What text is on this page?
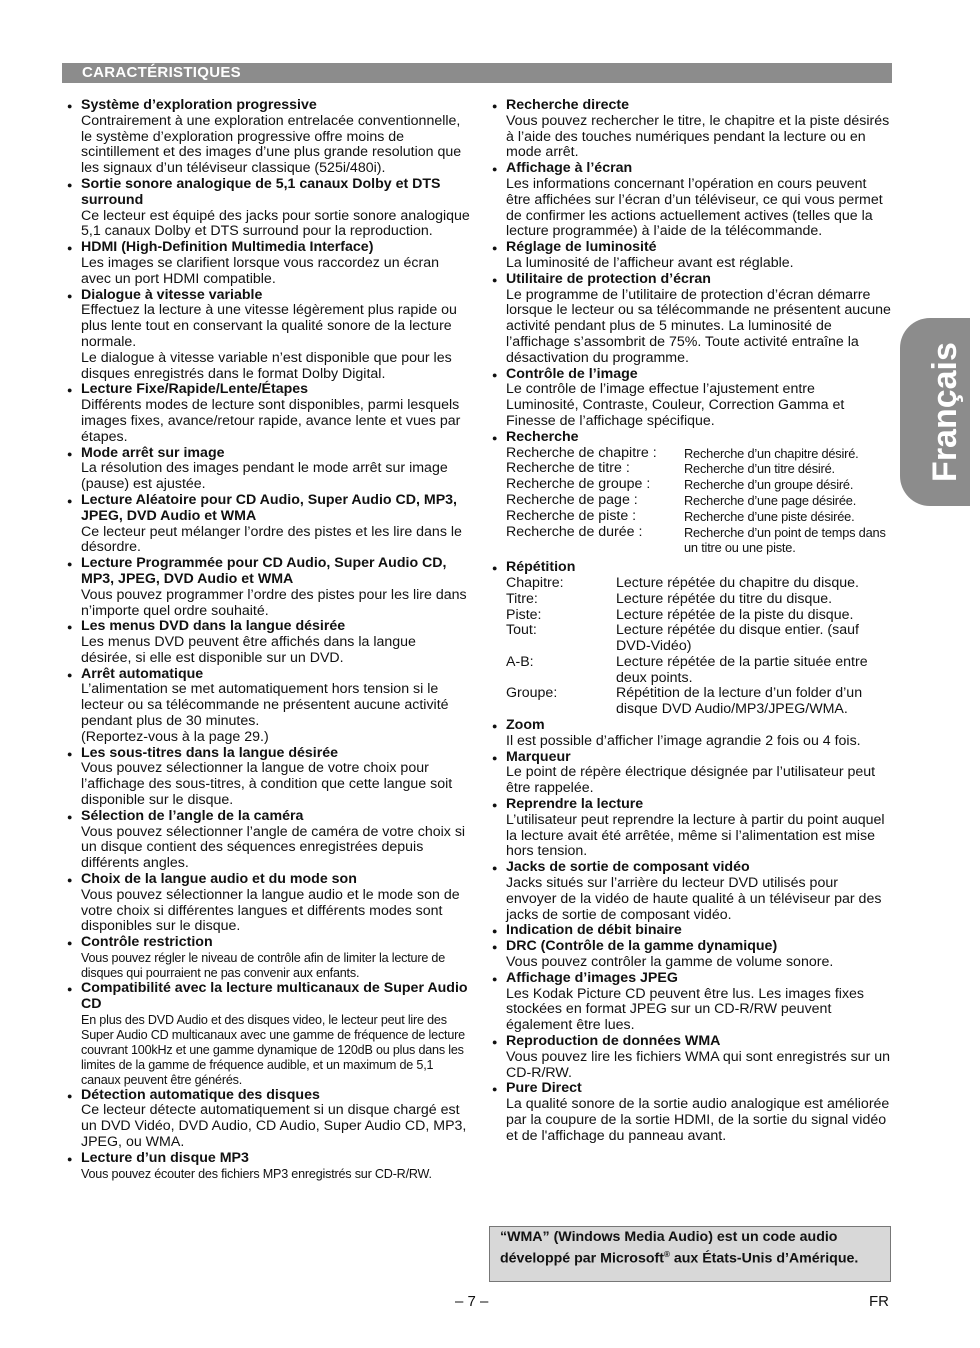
CARACTÉRISTIQUES
● Système d’exploration progressive
Contrairement à une exploration entrelacée conventionnelle, le système d’exploration progressive offre moins de scintillement et des images d’une plus grande resolution que les signaux d’un téléviseur classique (525i/480i).
● Sortie sonore analogique de 5,1 canaux Dolby et DTS surround
Ce lecteur est équipé des jacks pour sortie sonore analogique 5,1 canaux Dolby et DTS surround pour la reproduction.
● HDMI (High-Definition Multimedia Interface)
Les images se clarifient lorsque vous raccordez un écran avec un port HDMI compatible.
● Dialogue à vitesse variable
Effectuez la lecture à une vitesse légèrement plus rapide ou plus lente tout en conservant la qualité sonore de la lecture normale.
Le dialogue à vitesse variable n’est disponible que pour les disques enregistrés dans le format Dolby Digital.
● Lecture Fixe/Rapide/Lente/Étapes
Différents modes de lecture sont disponibles, parmi lesquels images fixes, avance/retour rapide, avance lente et vues par étapes.
● Mode arrêt sur image
La résolution des images pendant le mode arrêt sur image (pause) est ajustée.
● Lecture Aléatoire pour CD Audio, Super Audio CD, MP3, JPEG, DVD Audio et WMA
Ce lecteur peut mélanger l’ordre des pistes et les lire dans le désordre.
● Lecture Programmée pour CD Audio, Super Audio CD, MP3, JPEG, DVD Audio et WMA
Vous pouvez programmer l’ordre des pistes pour les lire dans n’importe quel ordre souhaité.
● Les menus DVD dans la langue désirée
Les menus DVD peuvent être affichés dans la langue désirée, si elle est disponible sur un DVD.
● Arrêt automatique
L’alimentation se met automatiquement hors tension si le lecteur ou sa télécommande ne présentent aucune activité pendant plus de 30 minutes.
(Reportez-vous à la page 29.)
● Les sous-titres dans la langue désirée
Vous pouvez sélectionner la langue de votre choix pour l’affichage des sous-titres, à condition que cette langue soit disponible sur le disque.
● Sélection de l’angle de la caméra
Vous pouvez sélectionner l’angle de caméra de votre choix si un disque contient des séquences enregistrées depuis différents angles.
● Choix de la langue audio et du mode son
Vous pouvez sélectionner la langue audio et le mode son de votre choix si différentes langues et différents modes sont disponibles sur le disque.
● Contrôle restriction
Vous pouvez régler le niveau de contrôle afin de limiter la lecture de disques qui pourraient ne pas convenir aux enfants.
● Compatibilité avec la lecture multicanaux de Super Audio CD
En plus des DVD Audio et des disques video, le lecteur peut lire des Super Audio CD multicanaux avec une gamme de fréquence de lecture couvrant 100kHz et une gamme dynamique de 120dB ou plus dans les limites de la gamme de fréquence audible, et un maximum de 5,1 canaux peuvent être générés.
● Détection automatique des disques
Ce lecteur détecte automatiquement si un disque chargé est un DVD Vidéo, DVD Audio, CD Audio, Super Audio CD, MP3, JPEG, ou WMA.
● Lecture d’un disque MP3
Vous pouvez écouter des fichiers MP3 enregistrés sur CD-R/RW.
● Recherche directe
Vous pouvez rechercher le titre, le chapitre et la piste désirés à l’aide des touches numériques pendant la lecture ou en mode arrêt.
● Affichage à l’écran
Les informations concernant l’opération en cours peuvent être affichées sur l’écran d’un téléviseur, ce qui vous permet de confirmer les actions actuellement actives (telles que la lecture programmée) à l’aide de la télécommande.
● Réglage de luminosité
La luminosité de l’afficheur avant est réglable.
● Utilitaire de protection d’écran
Le programme de l’utilitaire de protection d’écran démarre lorsque le lecteur ou sa télécommande ne présentent aucune activité pendant plus de 5 minutes. La luminosité de l’affichage s’assombrit de 75%. Toute activité entraîne la désactivation du programme.
● Contrôle de l’image
Le contrôle de l’image effectue l’ajustement entre Luminosité, Contraste, Couleur, Correction Gamma et Finesse de l’affichage spécifique.
● Recherche
Recherche de chapitre :	Recherche d’un chapitre désiré.
Recherche de titre :	Recherche d’un titre désiré.
Recherche de groupe :	Recherche d’un groupe désiré.
Recherche de page :	Recherche d’une page désirée.
Recherche de piste :	Recherche d’une piste désirée.
Recherche de durée :	Recherche d’un point de temps dans un titre ou une piste.
● Répétition
Chapitre:	Lecture répétée du chapitre du disque.
Titre:	Lecture répétée du titre du disque.
Piste:	Lecture répétée de la piste du disque.
Tout:	Lecture répétée du disque entier. (sauf DVD-Vidéo)
A-B:	Lecture répétée de la partie située entre deux points.
Groupe:	Répétition de la lecture d’un folder d’un disque DVD Audio/MP3/JPEG/WMA.
● Zoom
Il est possible d’afficher l’image agrandie 2 fois ou 4 fois.
● Marqueur
Le point de répère électrique désignée par l’utilisateur peut être rappelée.
● Reprendre la lecture
L’utilisateur peut reprendre la lecture à partir du point auquel la lecture avait été arrêtée, même si l’alimentation est mise hors tension.
● Jacks de sortie de composant vidéo
Jacks situés sur l’arrière du lecteur DVD utilisés pour envoyer de la vidéo de haute qualité à un téléviseur par des jacks de sortie de composant vidéo.
● Indication de débit binaire
● DRC (Contrôle de la gamme dynamique)
Vous pouvez contrôler la gamme de volume sonore.
● Affichage d’images JPEG
Les Kodak Picture CD peuvent être lus. Les images fixes stockées en format JPEG sur un CD-R/RW peuvent également être lues.
● Reproduction de données WMA
Vous pouvez lire les fichiers WMA qui sont enregistrés sur un CD-R/RW.
● Pure Direct
La qualité sonore de la sortie audio analogique est améliorée par la coupure de la sortie HDMI, de la sortie du signal vidéo et de l'affichage du panneau avant.
Français
“WMA” (Windows Media Audio) est un code audio développé par Microsoft® aux États-Unis d’Amérique.
– 7 –	FR
